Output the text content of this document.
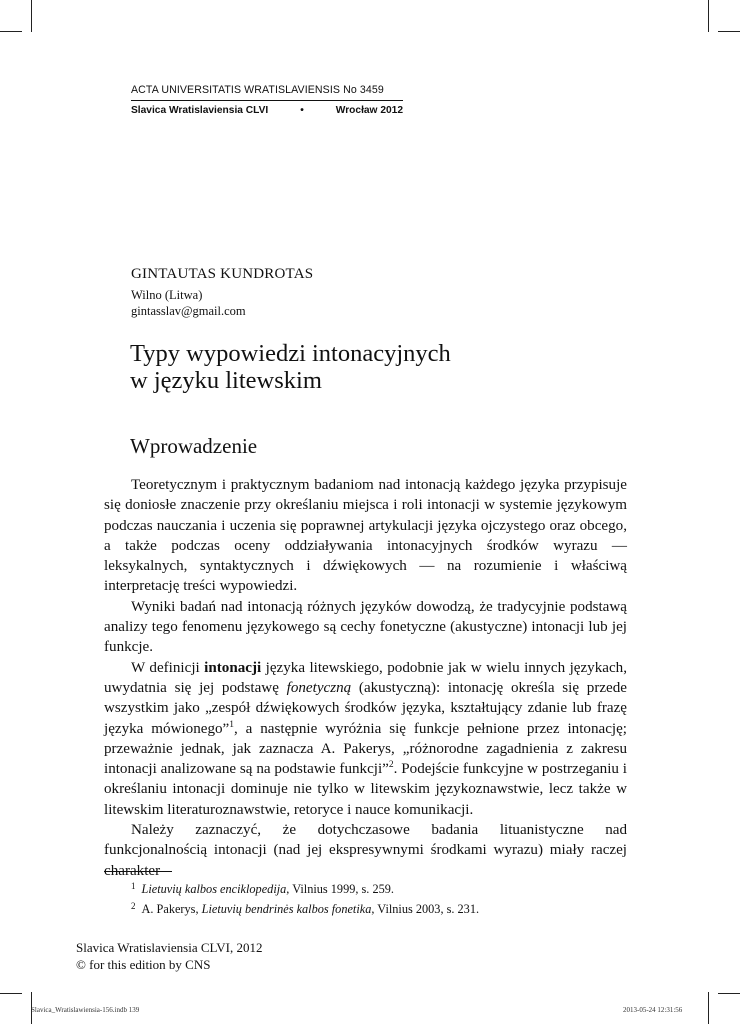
ACTA UNIVERSITATIS WRATISLAVIENSIS No 3459
Slavica Wratislaviensia CLVI	•	Wrocław 2012
GINTAUTAS KUNDROTAS
Wilno (Litwa)
gintasslav@gmail.com
Typy wypowiedzi intonacyjnych
w języku litewskim
Wprowadzenie

Teoretycznym i praktycznym badaniom nad intonacją każdego języka przypisuje się doniosłe znaczenie przy określaniu miejsca i roli intonacji w systemie językowym podczas nauczania i uczenia się poprawnej artykulacji języka ojczystego oraz obcego, a także podczas oceny oddziaływania intonacyjnych środków wyrazu — leksykalnych, syntaktycznych i dźwiękowych — na rozumienie i właściwą interpretację treści wypowiedzi.

Wyniki badań nad intonacją różnych języków dowodzą, że tradycyjnie podstawą analizy tego fenomenu językowego są cechy fonetyczne (akustyczne) intonacji lub jej funkcje.

W definicji intonacji języka litewskiego, podobnie jak w wielu innych językach, uwydatnia się jej podstawę fonetyczną (akustyczną): intonację określa się przede wszystkim jako „zespół dźwiękowych środków języka, kształtujący zdanie lub frazę języka mówionego”$^1$, a następnie wyróżnia się funkcje pełnione przez intonację; przeważnie jednak, jak zaznacza A. Pakerys, „różnorodne zagadnienia z zakresu intonacji analizowane są na podstawie funkcji”$^2$. Podejście funkcyjne w postrzeganiu i określaniu intonacji dominuje nie tylko w litewskim językoznawstwie, lecz także w litewskim literaturoznawstwie, retoryce i nauce komunikacji.

Należy zaznaczyć, że dotychczasowe badania lituanistyczne nad funkcjonalnością intonacji (nad jej ekspresywnymi środkami wyrazu) miały raczej charakter

$^1$ Lietuvių kalbos enciklopedija, Vilnius 1999, s. 259.
$^2$ A. Pakerys, Lietuvių bendrinės kalbos fonetika, Vilnius 2003, s. 231.
Slavica Wratislaviensia CLVI, 2012
© for this edition by CNS
Slavica_Wratislawiensia-156.indb 139	2013-05-24 12:31:56
